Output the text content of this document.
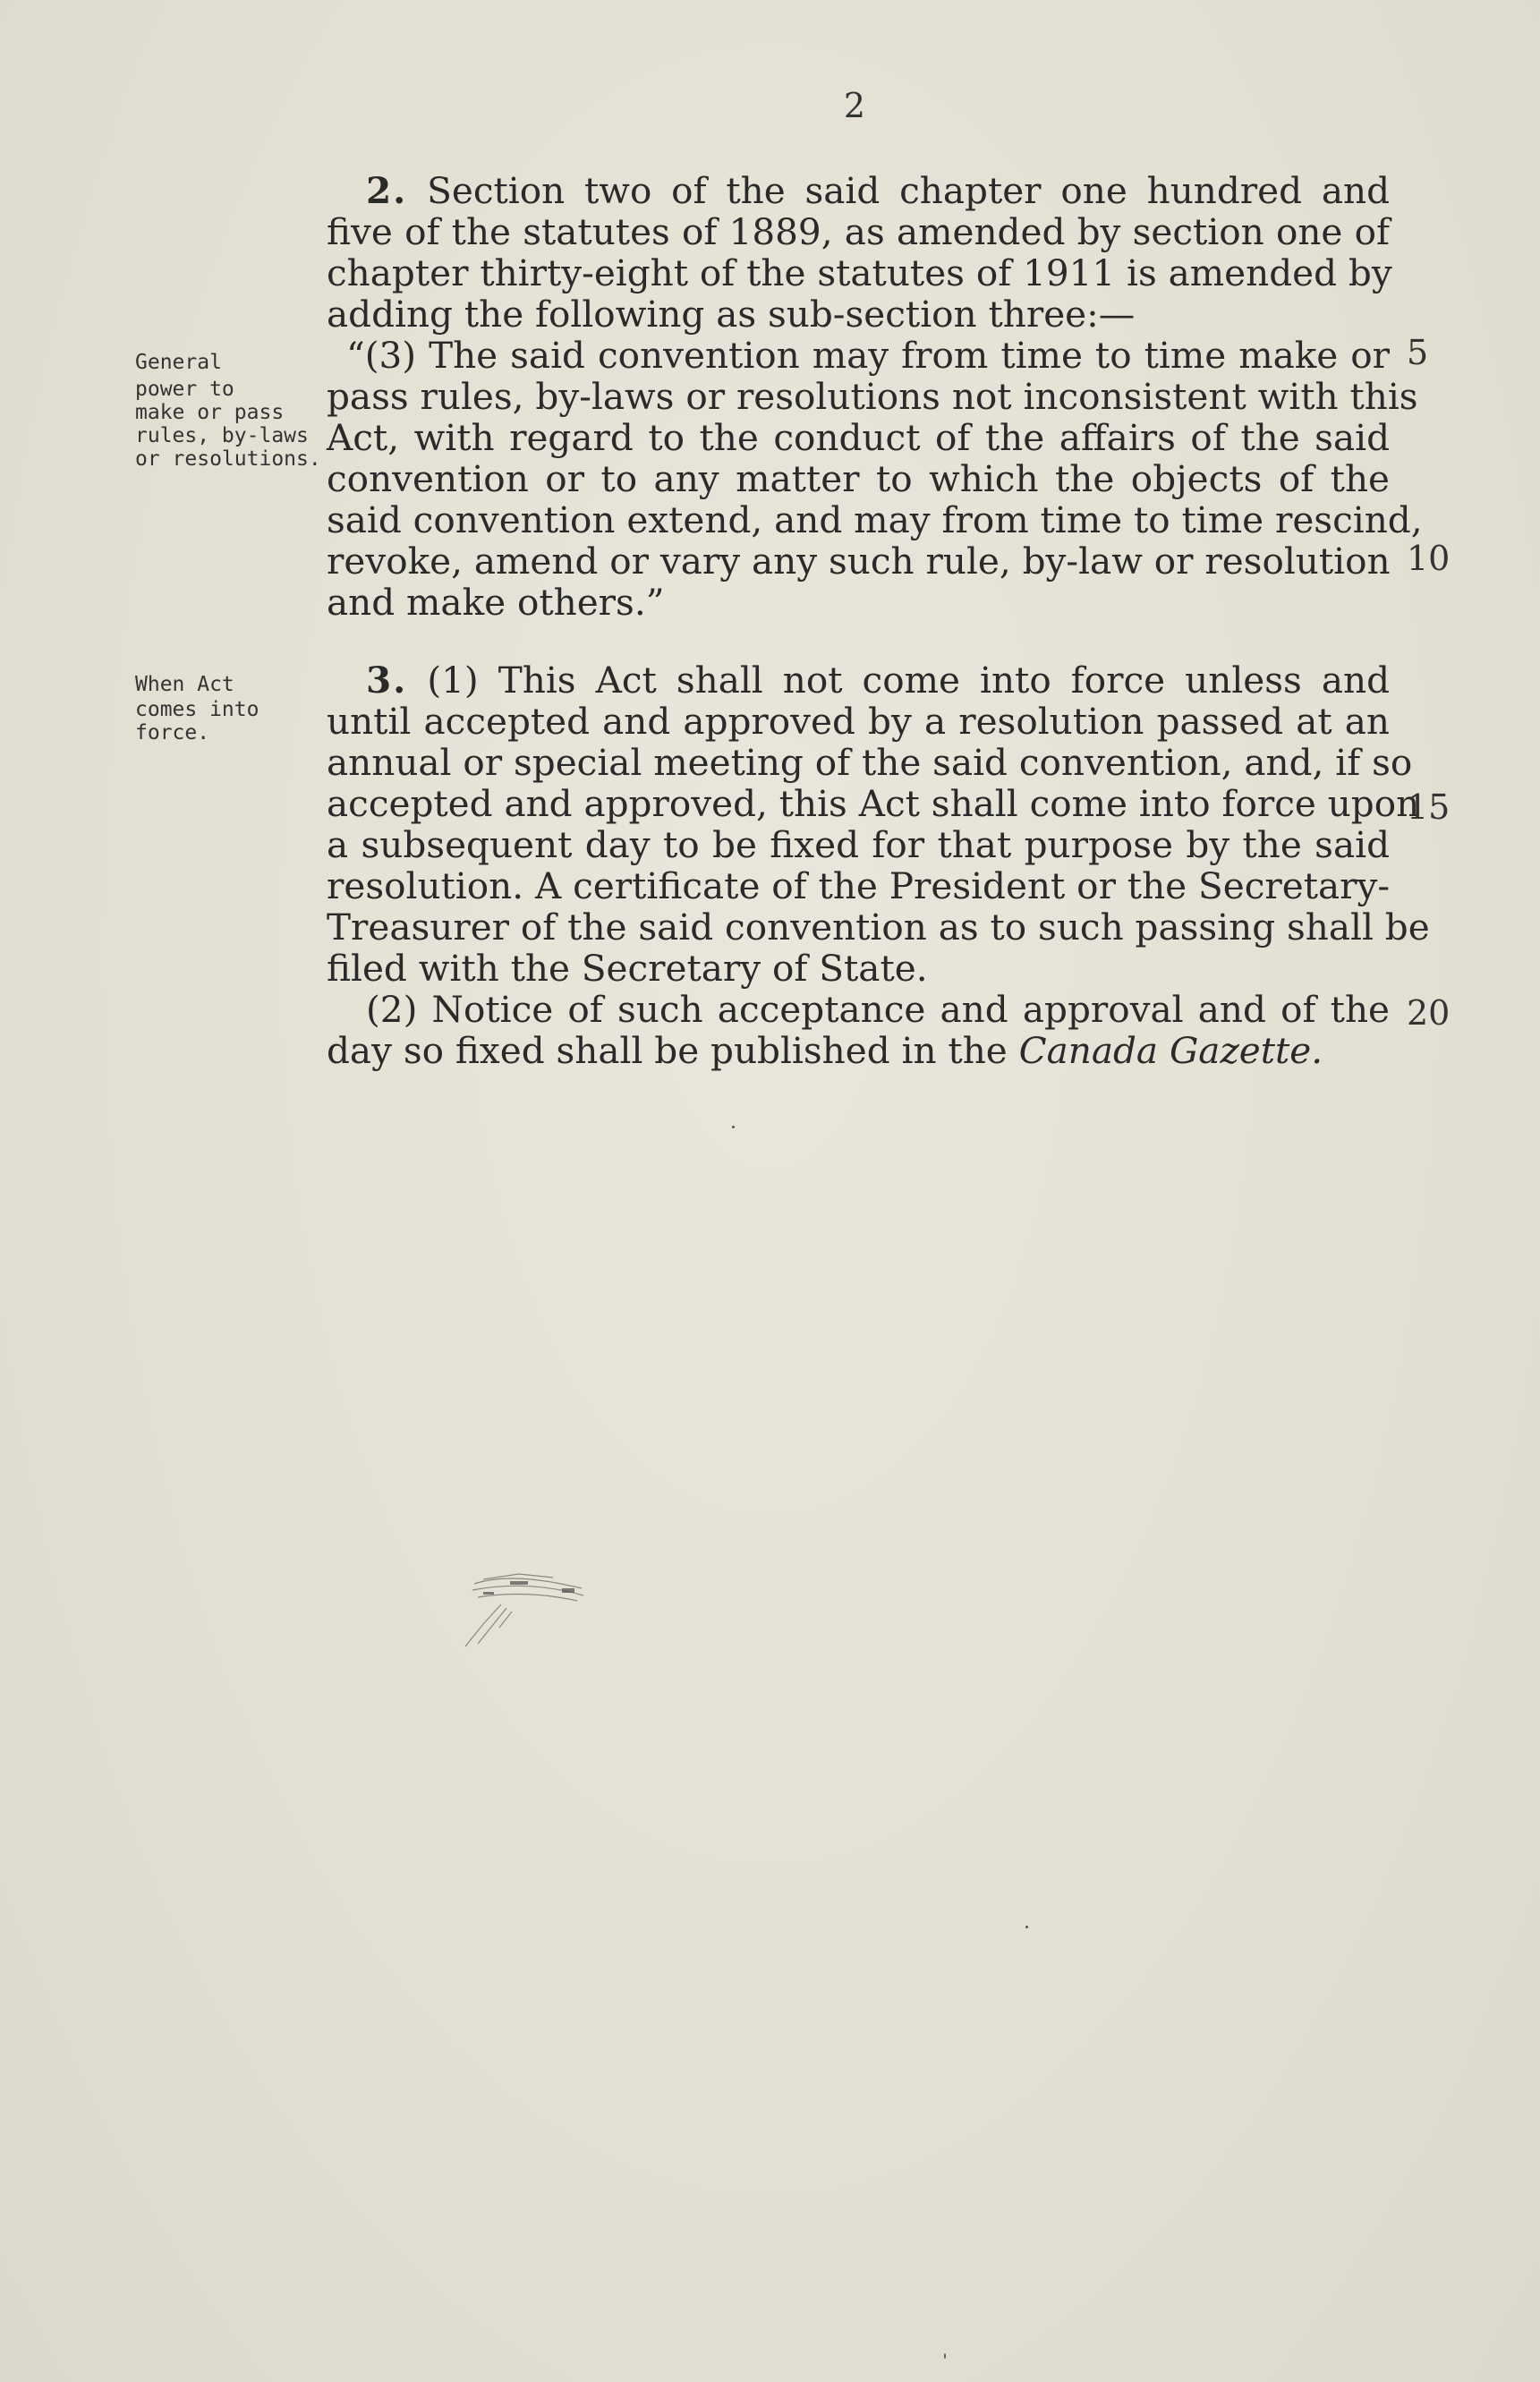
2
General
power to
make or pass
rules, by-laws
or resolutions.
When Act
comes into
force.
2. Section two of the said chapter one hundred and
five of the statutes of 1889, as amended by section one of
chapter thirty-eight of the statutes of 1911 is amended by
adding the following as sub-section three:—
“(3) The said convention may from time to time make or
pass rules, by-laws or resolutions not inconsistent with this
Act, with regard to the conduct of the affairs of the said
convention or to any matter to which the objects of the
said convention extend, and may from time to time rescind,
revoke, amend or vary any such rule, by-law or resolution
and make others.”
3. (1) This Act shall not come into force unless and
until accepted and approved by a resolution passed at an
annual or special meeting of the said convention, and, if so
accepted and approved, this Act shall come into force upon
a subsequent day to be fixed for that purpose by the said
resolution. A certificate of the President or the Secretary-
Treasurer of the said convention as to such passing shall be
filed with the Secretary of State.
(2) Notice of such acceptance and approval and of the
day so fixed shall be published in the Canada Gazette.
5
10
15
20
